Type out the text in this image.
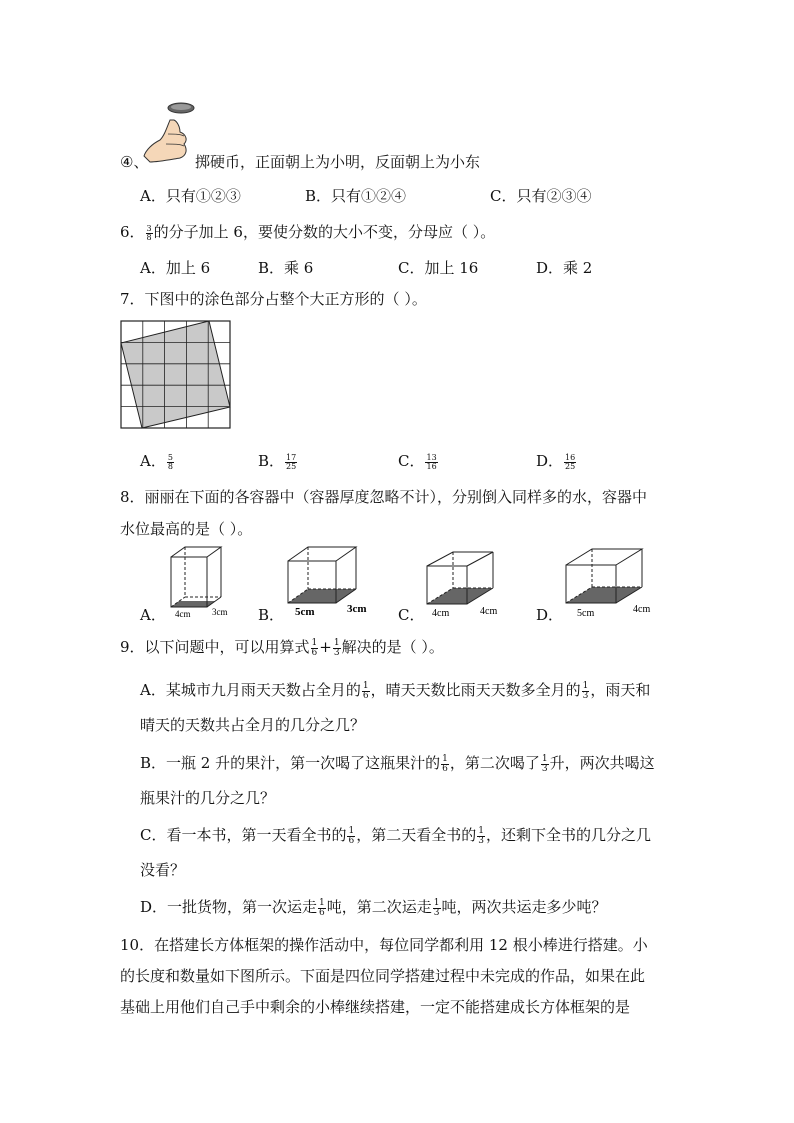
④、	掷硬币，正面朝上为小明，反面朝上为小东
A．只有①②③	B．只有①②④	C．只有②③④
6． $\frac{3}{8}$ 的分子加上 6，要使分数的大小不变，分母应（ ）。
A．加上 6	B．乘 6	C．加上 16	D．乘 2
7．下图中的涂色部分占整个大正方形的（ ）。
A． $\frac{5}{8}$	B． $\frac{17}{25}$	C． $\frac{13}{16}$	D． $\frac{16}{25}$
8．丽丽在下面的各容器中（容器厚度忽略不计），分别倒入同样多的水，容器中
水位最高的是（ ）。
4cm 3cm	5cm	3cm	4cm	4cm	5cm	4cm
A．	B．	C．	D．
9．以下问题中，可以用算式 $\frac{1}{6} + \frac{1}{3}$ 解决的是（ ）。
A．某城市九月雨天天数占全月的 $\frac{1}{6}$ ，晴天天数比雨天天数多全月的 $\frac{1}{3}$ ，雨天和
晴天的天数共占全月的几分之几？
B．一瓶 2 升的果汁，第一次喝了这瓶果汁的 $\frac{1}{6}$ ，第二次喝了 $\frac{1}{3}$ 升，两次共喝这
瓶果汁的几分之几？
C．看一本书，第一天看全书的 $\frac{1}{6}$ ，第二天看全书的 $\frac{1}{3}$ ，还剩下全书的几分之几
没看？
D．一批货物，第一次运走 $\frac{1}{6}$ 吨，第二次运走 $\frac{1}{3}$ 吨，两次共运走多少吨？
10．在搭建长方体框架的操作活动中，每位同学都利用 12 根小棒进行搭建。小
的长度和数量如下图所示。下面是四位同学搭建过程中未完成的作品，如果在此
基础上用他们自己手中剩余的小棒继续搭建，一定不能搭建成长方体框架的是
